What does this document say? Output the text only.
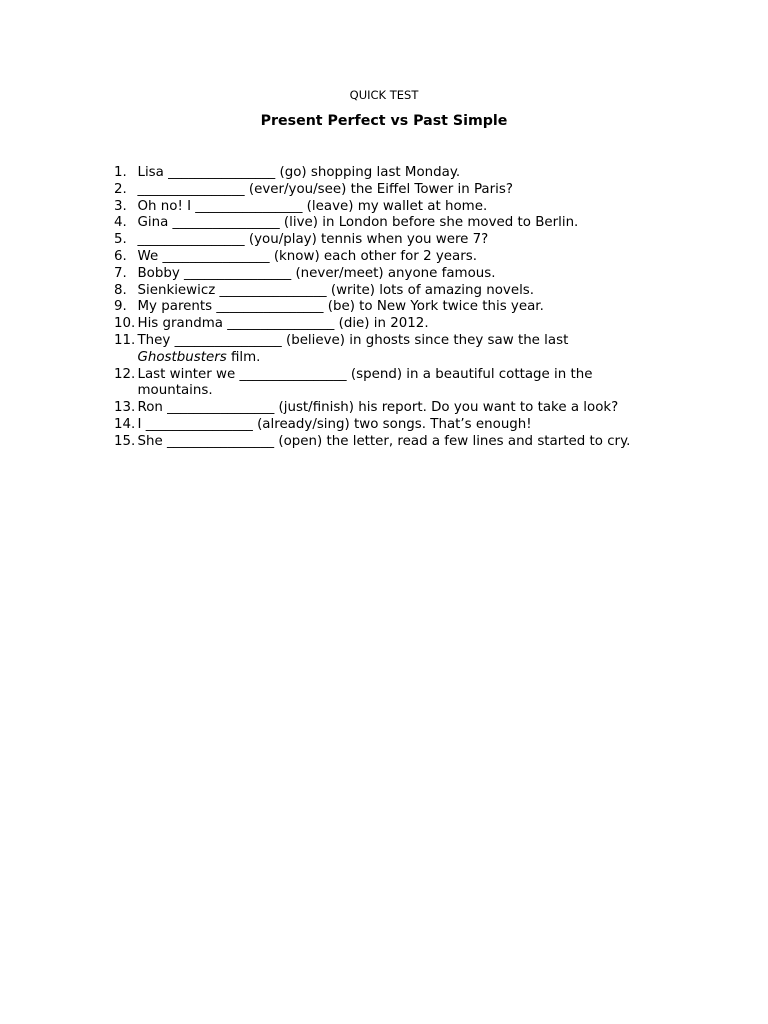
QUICK TEST
Present Perfect vs Past Simple
1. Lisa ________________ (go) shopping last Monday.
2. ________________ (ever/you/see) the Eiffel Tower in Paris?
3. Oh no! I ________________ (leave) my wallet at home.
4. Gina ________________ (live) in London before she moved to Berlin.
5. ________________ (you/play) tennis when you were 7?
6. We ________________ (know) each other for 2 years.
7. Bobby ________________ (never/meet) anyone famous.
8. Sienkiewicz ________________ (write) lots of amazing novels.
9. My parents ________________ (be) to New York twice this year.
10. His grandma ________________ (die) in 2012.
11. They ________________ (believe) in ghosts since they saw the last
Ghostbusters film.
12. Last winter we ________________ (spend) in a beautiful cottage in the
mountains.
13. Ron ________________ (just/finish) his report. Do you want to take a look?
14. I ________________ (already/sing) two songs. That’s enough!
15. She ________________ (open) the letter, read a few lines and started to cry.
